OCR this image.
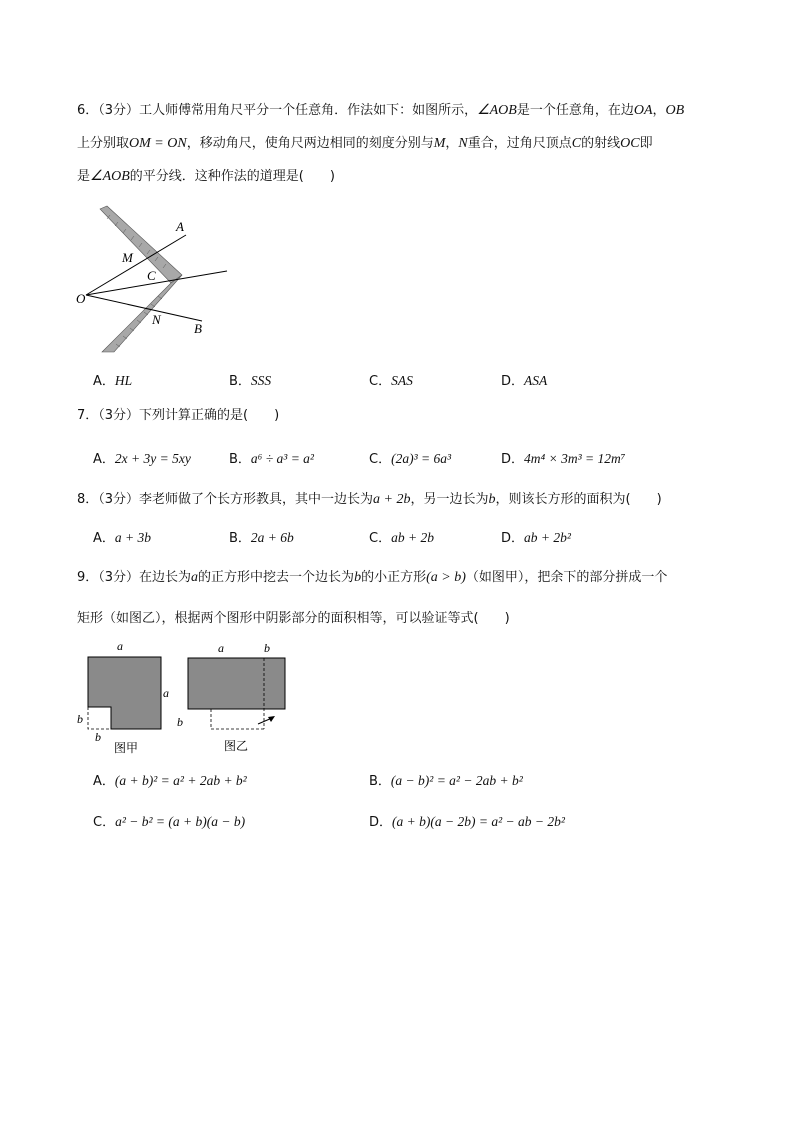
6．（3分）工人师傅常用角尺平分一个任意角．作法如下：如图所示，∠AOB是一个任意角，在边OA，OB
上分别取OM = ON，移动角尺，使角尺两边相同的刻度分别与M，N重合，过角尺顶点C的射线OC即
是∠AOB的平分线．这种作法的道理是(　　)
A
M
C
O
N
B
A．HL	B．SSS	C．SAS	D．ASA
7．（3分）下列计算正确的是(　　)
A．2x + 3y = 5xy	B．a⁶ ÷ a³ = a²	C．(2a)³ = 6a³	D．4m⁴ × 3m³ = 12m⁷
8．（3分）李老师做了个长方形教具，其中一边长为a + 2b，另一边长为b，则该长方形的面积为(　　)
A．a + 3b	B．2a + 6b	C．ab + 2b	D．ab + 2b²
9．（3分）在边长为a的正方形中挖去一个边长为b的小正方形(a > b)（如图甲），把余下的部分拼成一个
矩形（如图乙），根据两个图形中阴影部分的面积相等，可以验证等式(　　)
a
a
b
b
图甲
a	b
b
图乙
A．(a + b)² = a² + 2ab + b²	B．(a − b)² = a² − 2ab + b²
C．a² − b² = (a + b)(a − b)	D．(a + b)(a − 2b) = a² − ab − 2b²
